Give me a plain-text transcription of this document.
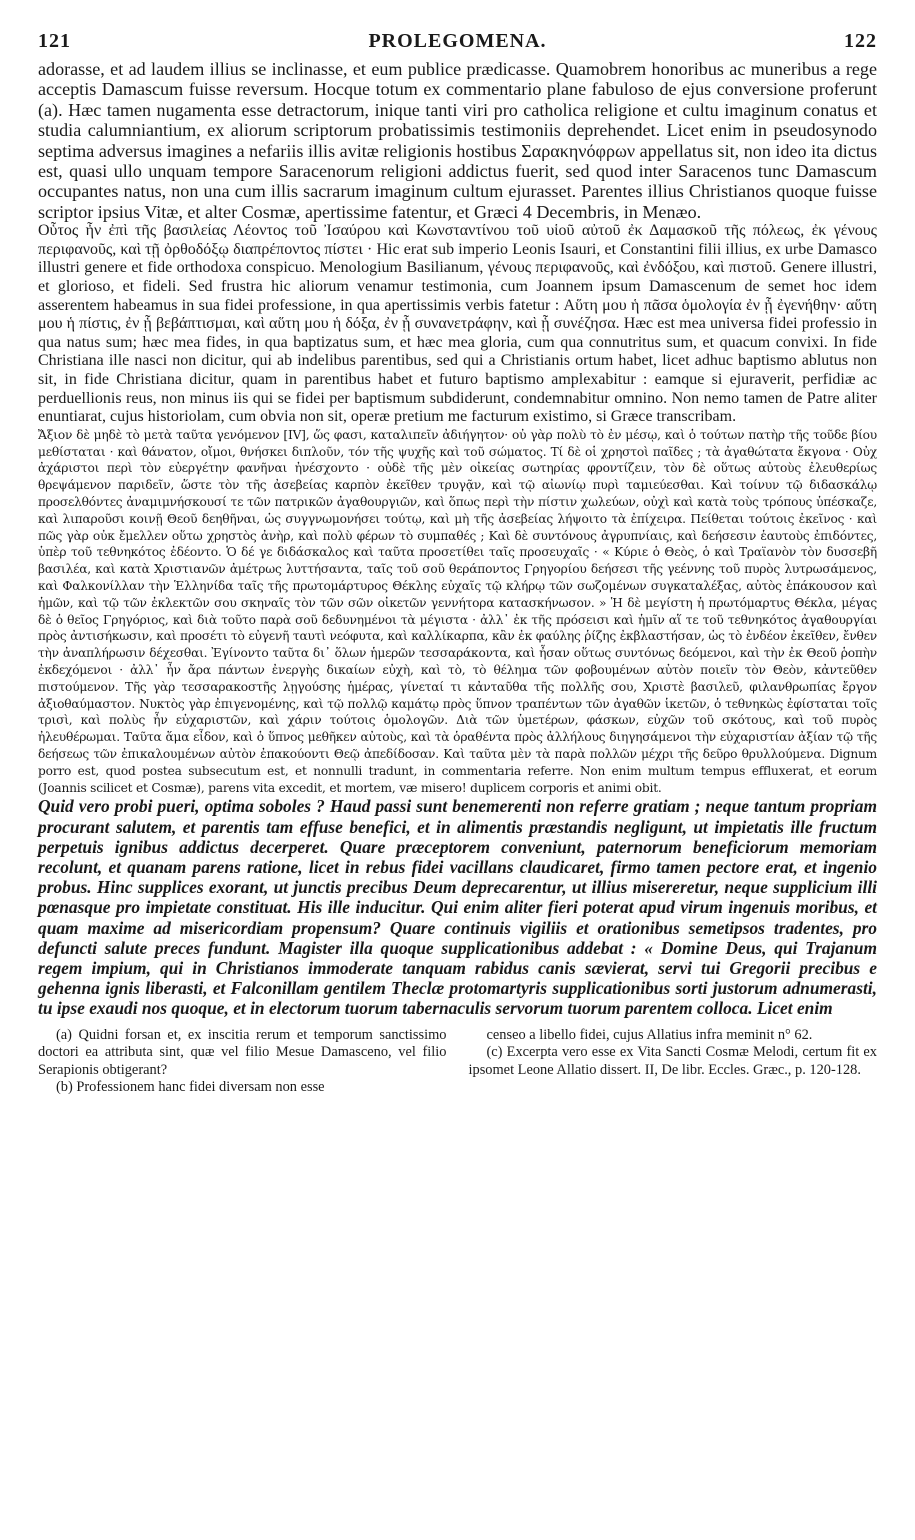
121	PROLEGOMENA.	122

adorasse, et ad laudem illius se inclinasse, et eum publice prædicasse. Quamobrem honoribus ac muneribus a rege acceptis Damascum fuisse reversum. Hocque totum ex commentario plane fabuloso de ejus conversione proferunt (a). Hæc tamen nugamenta esse detractorum, inique tanti viri pro catholica religione et cultu imaginum conatus et studia calumniantium, ex aliorum scriptorum probatissimis testimoniis deprehendet. Licet enim in pseudosynodo septima adversus imagines a nefariis illis avitæ religionis hostibus Σαρακηνόφρων appellatus sit, non ideo ita dictus est, quasi ullo unquam tempore Saracenorum religioni addictus fuerit, sed quod inter Saracenos tunc Damascum occupantes natus, non una cum illis sacrarum imaginum cultum ejurasset. Parentes illius Christianos quoque fuisse scriptor ipsius Vitæ, et alter Cosmæ, apertissime fatentur, et Græci 4 Decembris, in Menæo.

Οὗτος ἦν ἐπὶ τῆς βασιλείας Λέοντος τοῦ Ἰσαύρου καὶ Κωνσταντίνου τοῦ υἱοῦ αὐτοῦ ἐκ Δαμασκοῦ τῆς πόλεως, ἐκ γένους περιφανοῦς, καὶ τῇ ὀρθοδόξῳ διαπρέποντος πίστει · Hic erat sub imperio Leonis Isauri, et Constantini filii illius, ex urbe Damasco illustri genere et fide orthodoxa conspicuo. Menologium Basilianum, γένους περιφανοῦς, καὶ ἐνδόξου, καὶ πιστοῦ. Genere illustri, et glorioso, et fideli. Sed frustra hic aliorum venamur testimonia, cum Joannem ipsum Damascenum de semet hoc idem asserentem habeamus in sua fidei professione, in qua apertissimis verbis fatetur : Αὕτη μου ἡ πᾶσα ὁμολογία ἐν ᾗ ἐγενήθην· αὕτη μου ἡ πίστις, ἐν ᾗ βεβάπτισμαι, καὶ αὕτη μου ἡ δόξα, ἐν ᾗ συνανετράφην, καὶ ᾗ συνέζησα. Hæc est mea universa fidei professio in qua natus sum; hæc mea fides, in qua baptizatus sum, et hæc mea gloria, cum qua connutritus sum, et quacum convixi. In fide Christiana ille nasci non dicitur, qui ab indelibus parentibus, sed qui a Christianis ortum habet, licet adhuc baptismo ablutus non sit, in fide Christiana dicitur, quam in parentibus habet et futuro baptismo amplexabitur : eamque si ejuraverit, perfidiæ ac perduellionis reus, non minus iis qui se fidei per baptismum subdiderunt, condemnabitur omnino. Non nemo tamen de Patre aliter enuntiarat, cujus historiolam, cum obvia non sit, operæ pretium me facturum existimo, si Græce transcribam.

Ἄξιον δὲ μηδὲ τὸ μετὰ ταῦτα γενόμενον [IV], ὥς φασι, καταλιπεῖν ἀδιήγητον· οὐ γὰρ πολὺ τὸ ἐν μέσῳ, καὶ ὁ τούτων πατὴρ τῆς τοῦδε βίου μεθίσταται · καὶ θάνατον, οἴμοι, θνήσκει διπλοῦν, τόν τῆς ψυχῆς καὶ τοῦ σώματος. Τί δὲ οἱ χρηστοὶ παῖδες ; τὰ ἀγαθώτατα ἔκγονα · Οὐχ ἀχάριστοι περὶ τὸν εὐεργέτην φανῆναι ἠνέσχοντο · οὐδὲ τῆς μὲν οἰκείας σωτηρίας φροντίζειν, τὸν δὲ οὕτως αὐτοὺς ἐλευθερίως θρεψάμενον παριδεῖν, ὥστε τὸν τῆς ἀσεβείας καρπὸν ἐκεῖθεν τρυγᾷν, καὶ τῷ αἰωνίῳ πυρὶ ταμιεύεσθαι. Καὶ τοίνυν τῷ διδασκάλῳ προσελθόντες ἀναμιμνήσκουσί τε τῶν πατρικῶν ἀγαθουργιῶν, καὶ ὅπως περὶ τὴν πίστιν χωλεύων, οὐχὶ καὶ κατὰ τοὺς τρόπους ὑπέσκαζε, καὶ λιπαροῦσι κοινῇ Θεοῦ δεηθῆναι, ὡς συγγνωμονήσει τούτῳ, καὶ μὴ τῆς ἀσεβείας λήψοιτο τὰ ἐπίχειρα. Πείθεται τούτοις ἐκεῖνος · καὶ πῶς γὰρ οὐκ ἔμελλεν οὕτω χρηστὸς ἀνὴρ, καὶ πολὺ φέρων τὸ συμπαθές ; Καὶ δὲ συντόνους ἀγρυπνίαις, καὶ δεήσεσιν ἑαυτοὺς ἐπιδόντες, ὑπὲρ τοῦ τεθνηκότος ἐδέοντο. Ὁ δέ γε διδάσκαλος καὶ ταῦτα προσετίθει ταῖς προσευχαῖς · « Κύριε ὁ Θεὸς, ὁ καὶ Τραϊανὸν τὸν δυσσεβῆ βασιλέα, καὶ κατὰ Χριστιανῶν ἀμέτρως λυττήσαντα, ταῖς τοῦ σοῦ θεράποντος Γρηγορίου δεήσεσι τῆς γεέννης τοῦ πυρὸς λυτρωσάμενος, καὶ Φαλκονίλλαν τὴν Ἑλληνίδα ταῖς τῆς πρωτομάρτυρος Θέκλης εὐχαῖς τῷ κλήρῳ τῶν σωζομένων συγκαταλέξας, αὐτὸς ἐπάκουσον καὶ ἡμῶν, καὶ τῷ τῶν ἐκλεκτῶν σου σκηναῖς τὸν τῶν σῶν οἰκετῶν γεννήτορα κατασκήνωσον. » Ἡ δὲ μεγίστη ἡ πρωτόμαρτυς Θέκλα, μέγας δὲ ὁ θεῖος Γρηγόριος, καὶ διὰ τοῦτο παρὰ σοῦ δεδυνημένοι τὰ μέγιστα · ἀλλ᾽ ἐκ τῆς πρόσεισι καὶ ἡμῖν αἵ τε τοῦ τεθνηκότος ἀγαθουργίαι πρὸς ἀντισήκωσιν, καὶ προσέτι τὸ εὐγενῆ ταυτὶ νεόφυτα, καὶ καλλίκαρπα, κἂν ἐκ φαύλης ῥίζης ἐκβλαστήσαν, ὡς τὸ ἐνδέον ἐκεῖθεν, ἔνθεν τὴν ἀναπλήρωσιν δέχεσθαι. Ἐγίνοντο ταῦτα δι᾽ ὅλων ἡμερῶν τεσσαράκοντα, καὶ ἦσαν οὕτως συντόνως δεόμενοι, καὶ τὴν ἐκ Θεοῦ ῥοπὴν ἐκδεχόμενοι · ἀλλ᾽ ἦν ἄρα πάντων ἐνεργὴς δικαίων εὐχὴ, καὶ τὸ, τὸ θέλημα τῶν φοβουμένων αὐτὸν ποιεῖν τὸν Θεὸν, κἀντεῦθεν πιστούμενον. Τῆς γὰρ τεσσαρακοστῆς λῃγούσης ἡμέρας, γίνεταί τι κἀνταῦθα τῆς πολλῆς σου, Χριστὲ βασιλεῦ, φιλανθρωπίας ἔργον ἀξιοθαύμαστον. Νυκτὸς γὰρ ἐπιγενομένης, καὶ τῷ πολλῷ καμάτῳ πρὸς ὕπνον τραπέντων τῶν ἀγαθῶν ἱκετῶν, ὁ τεθνηκὼς ἐφίσταται τοῖς τρισὶ, καὶ πολὺς ἦν εὐχαριστῶν, καὶ χάριν τούτοις ὁμολογῶν. Διὰ τῶν ὑμετέρων, φάσκων, εὐχῶν τοῦ σκότους, καὶ τοῦ πυρὸς ἠλευθέρωμαι. Ταῦτα ἅμα εἶδον, καὶ ὁ ὕπνος μεθῆκεν αὐτοὺς, καὶ τὰ ὁραθέντα πρὸς ἀλλήλους διηγησάμενοι τὴν εὐχαριστίαν ἀξίαν τῷ τῆς δεήσεως τῶν ἐπικαλουμένων αὐτὸν ἐπακούοντι Θεῷ ἀπεδίδοσαν. Καὶ ταῦτα μὲν τὰ παρὰ πολλῶν μέχρι τῆς δεῦρο θρυλλούμενα. Dignum porro est, quod postea subsecutum est, et nonnulli tradunt, in commentaria referre. Non enim multum tempus effluxerat, et eorum (Joannis scilicet et Cosmæ), parens vita excedit, et mortem, væ misero! duplicem corporis et animi obit.

Quid vero probi pueri, optima soboles ? Haud passi sunt benemerenti non referre gratiam ; neque tantum propriam procurant salutem, et parentis tam effuse benefici, et in alimentis præstandis negligunt, ut impietatis ille fructum perpetuis ignibus addictus decerperet. Quare præceptorem conveniunt, paternorum beneficiorum memoriam recolunt, et quanam parens ratione, licet in rebus fidei vacillans claudicaret, firmo tamen pectore erat, et ingenio probus. Hinc supplices exorant, ut junctis precibus Deum deprecarentur, ut illius misereretur, neque supplicium illi pœnasque pro impietate constituat. His ille inducitur. Qui enim aliter fieri poterat apud virum ingenuis moribus, et quam maxime ad misericordiam propensum? Quare continuis vigiliis et orationibus semetipsos tradentes, pro defuncti salute preces fundunt. Magister illa quoque supplicationibus addebat : « Domine Deus, qui Trajanum regem impium, qui in Christianos immoderate tanquam rabidus canis sævierat, servi tui Gregorii precibus e gehenna ignis liberasti, et Falconillam gentilem Theclæ protomartyris supplicationibus sorti justorum adnumerasti, tu ipse exaudi nos quoque, et in electorum tuorum tabernaculis servorum tuorum parentem colloca. Licet enim

(a) Quidni forsan et, ex inscitia rerum et temporum sanctissimo doctori ea attributa sint, quæ vel filio Mesue Damasceno, vel filio Serapionis obtigerant?

(b) Professionem hanc fidei diversam non esse

censeo a libello fidei, cujus Allatius infra meminit n° 62.

(c) Excerpta vero esse ex Vita Sancti Cosmæ Melodi, certum fit ex ipsomet Leone Allatio dissert. II, De libr. Eccles. Græc., p. 120-128.
